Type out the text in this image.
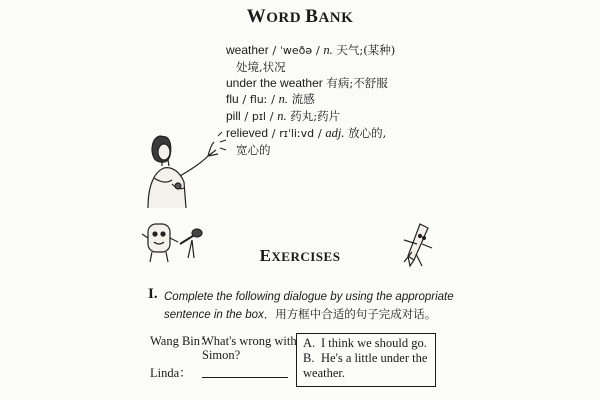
WORD BANK
weather / ˈweðə / n. 天气;(某种)
处境,状况
under the weather 有病;不舒服
flu / fluː / n. 流感
pill / pɪl / n. 药丸;药片
relieved / rɪˈliːvd / adj. 放心的,
宽心的
EXERCISES
I. Complete the following dialogue by using the appropriate
sentence in the box．用方框中合适的句子完成对话。
Wang Bin：
What's wrong with
Simon?
Linda：
A. I think we should go.
B. He's a little under the
weather.
